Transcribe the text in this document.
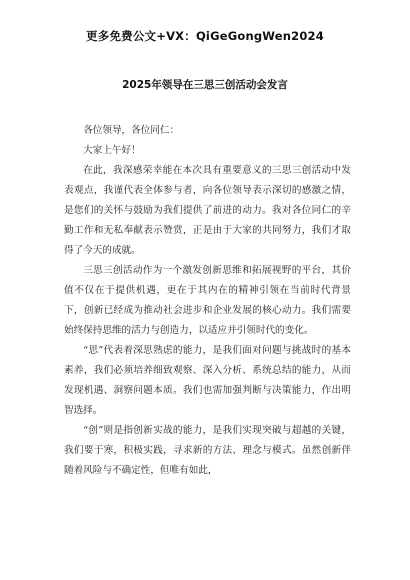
更多免费公文+VX：QiGeGongWen2024
2025年领导在三思三创活动会发言

各位领导，各位同仁：

大家上午好！

在此，我深感荣幸能在本次具有重要意义的三思三创活动中发表观点，我谨代表全体参与者，向各位领导表示深切的感激之情，是您们的关怀与鼓励为我们提供了前进的动力。我对各位同仁的辛勤工作和无私奉献表示赞赏，正是由于大家的共同努力，我们才取得了今天的成就。

三思三创活动作为一个激发创新思维和拓展视野的平台，其价值不仅在于提供机遇，更在于其内在的精神引领在当前时代背景下，创新已经成为推动社会进步和企业发展的核心动力。我们需要始终保持思维的活力与创造力，以适应并引领时代的变化。

“思”代表着深思熟虑的能力，是我们面对问题与挑战时的基本素养，我们必须培养细致观察、深入分析、系统总结的能力，从而发现机遇、洞察问题本质。我们也需加强判断与决策能力，作出明智选择。

“创”则是指创新实战的能力，是我们实现突破与超越的关键，我们要于寒，积极实践，寻求新的方法、理念与模式。虽然创新伴随着风险与不确定性，但唯有如此，
